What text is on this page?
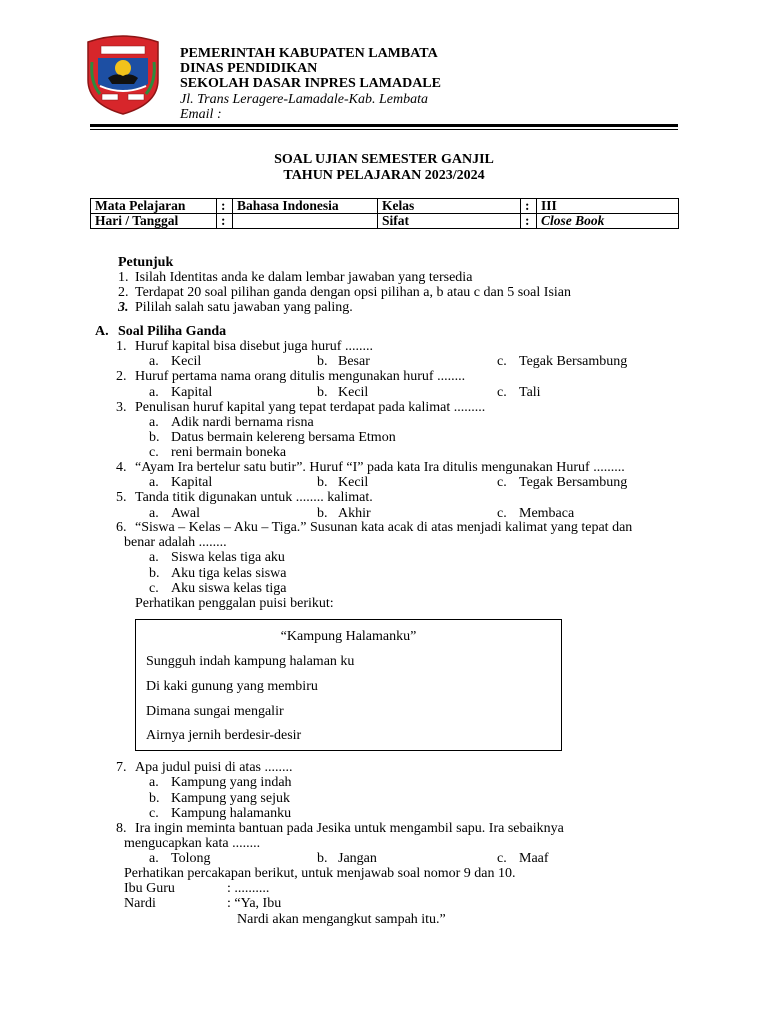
PEMERINTAH KABUPATEN LAMBATA
DINAS PENDIDIKAN
SEKOLAH DASAR INPRES LAMADALE
Jl. Trans Leragere-Lamadale-Kab. Lembata
Email :
SOAL UJIAN SEMESTER GANJIL
TAHUN PELAJARAN 2023/2024
Mata Pelajaran	:	Bahasa Indonesia	Kelas	:	III
Hari / Tanggal	:		Sifat	:	Close Book
Petunjuk
1. Isilah Identitas anda ke dalam lembar jawaban yang tersedia
2. Terdapat 20 soal pilihan ganda dengan opsi pilihan a, b atau c dan 5 soal Isian
3. Pililah salah satu jawaban yang paling.
A. Soal Piliha Ganda
1. Huruf kapital bisa disebut juga huruf ........
a. Kecil	b. Besar	c. Tegak Bersambung
2. Huruf pertama nama orang ditulis mengunakan huruf ........
a. Kapital	b. Kecil	c. Tali
3. Penulisan huruf kapital yang tepat terdapat pada kalimat .........
a. Adik nardi bernama risna
b. Datus bermain kelereng bersama Etmon
c. reni bermain boneka
4. “Ayam Ira bertelur satu butir”. Huruf “I” pada kata Ira ditulis mengunakan Huruf .........
a. Kapital	b. Kecil	c. Tegak Bersambung
5. Tanda titik digunakan untuk ........ kalimat.
a. Awal	b. Akhir	c. Membaca
6. “Siswa – Kelas – Aku – Tiga.” Susunan kata acak di atas menjadi kalimat yang tepat dan
benar adalah ........
a. Siswa kelas tiga aku
b. Aku tiga kelas siswa
c. Aku siswa kelas tiga
Perhatikan penggalan puisi berikut:
“Kampung Halamanku”
Sungguh indah kampung halaman ku
Di kaki gunung yang membiru
Dimana sungai mengalir
Airnya jernih berdesir-desir
7. Apa judul puisi di atas ........
a. Kampung yang indah
b. Kampung yang sejuk
c. Kampung halamanku
8. Ira ingin meminta bantuan pada Jesika untuk mengambil sapu. Ira sebaiknya
mengucapkan kata ........
a. Tolong	b. Jangan	c. Maaf
Perhatikan percakapan berikut, untuk menjawab soal nomor 9 dan 10.
Ibu Guru	: ..........
Nardi	: “Ya, Ibu
Nardi akan mengangkut sampah itu.”
